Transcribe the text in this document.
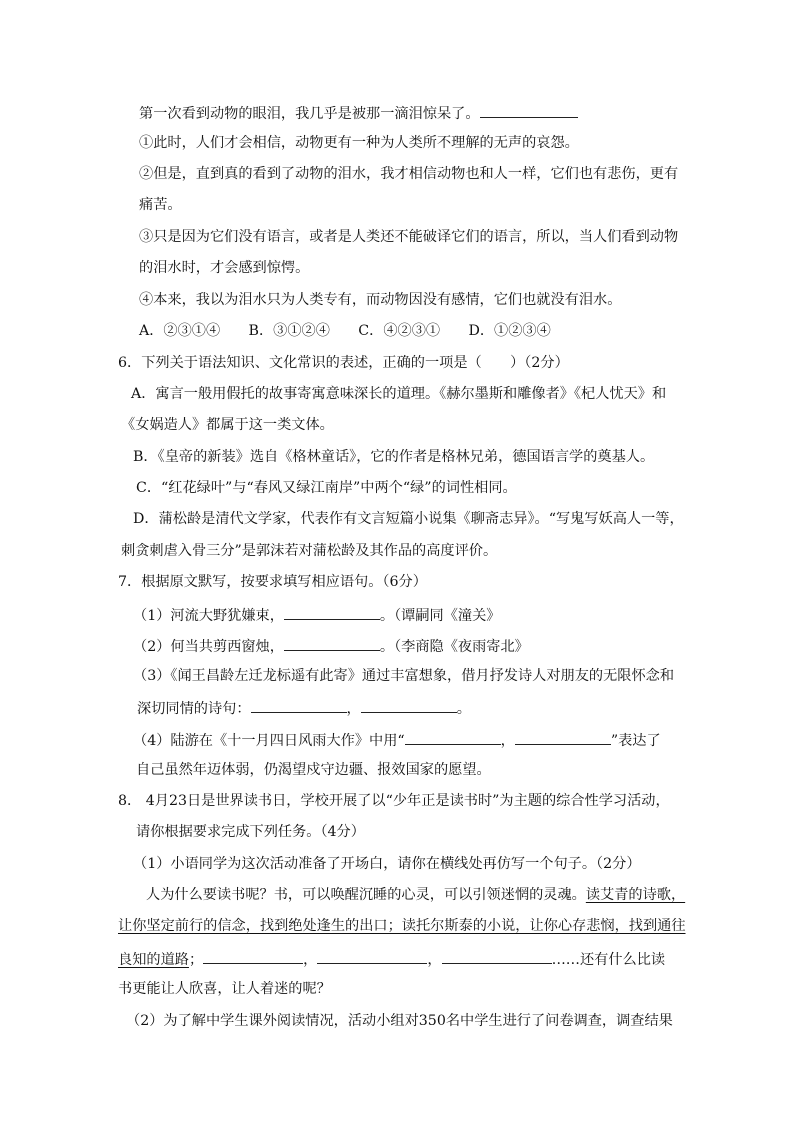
第一次看到动物的眼泪，我几乎是被那一滴泪惊呆了。
①此时，人们才会相信，动物更有一种为人类所不理解的无声的哀怨。
②但是，直到真的看到了动物的泪水，我才相信动物也和人一样，它们也有悲伤，更有
痛苦。
③只是因为它们没有语言，或者是人类还不能破译它们的语言，所以，当人们看到动物
的泪水时，才会感到惊愕。
④本来，我以为泪水只为人类专有，而动物因没有感情，它们也就没有泪水。
A．②③①④　　B．③①②④　　C．④②③①　　D．①②③④
6．下列关于语法知识、文化常识的表述，正确的一项是（　　）（2分）
A．寓言一般用假托的故事寄寓意味深长的道理。《赫尔墨斯和雕像者》《杞人忧天》和
《女娲造人》都属于这一类文体。
B．《皇帝的新装》选自《格林童话》，它的作者是格林兄弟，德国语言学的奠基人。
C．“红花绿叶”与“春风又绿江南岸”中两个“绿”的词性相同。
D．蒲松龄是清代文学家，代表作有文言短篇小说集《聊斋志异》。“写鬼写妖高人一等，
刺贪刺虐入骨三分”是郭沫若对蒲松龄及其作品的高度评价。
7．根据原文默写，按要求填写相应语句。（6分）
（1）河流大野犹嫌束，	。（谭嗣同《潼关》
（2）何当共剪西窗烛，	。（李商隐《夜雨寄北》
（3）《闻王昌龄左迁龙标遥有此寄》通过丰富想象，借月抒发诗人对朋友的无限怀念和
深切同情的诗句：	，	。
（4）陆游在《十一月四日风雨大作》中用“	，	”表达了
自己虽然年迈体弱，仍渴望戍守边疆、报效国家的愿望。
8． 4月23日是世界读书日，学校开展了以“少年正是读书时”为主题的综合性学习活动，
请你根据要求完成下列任务。（4分）
（1）小语同学为这次活动准备了开场白，请你在横线处再仿写一个句子。（2分）
人为什么要读书呢？书，可以唤醒沉睡的心灵，可以引领迷惘的灵魂。读艾青的诗歌，
让你坚定前行的信念，找到绝处逢生的出口；读托尔斯泰的小说，让你心存悲悯，找到通往
良知的道路；	，	，	……还有什么比读
书更能让人欣喜，让人着迷的呢？
（2）为了解中学生课外阅读情况，活动小组对350名中学生进行了问卷调查，调查结果
